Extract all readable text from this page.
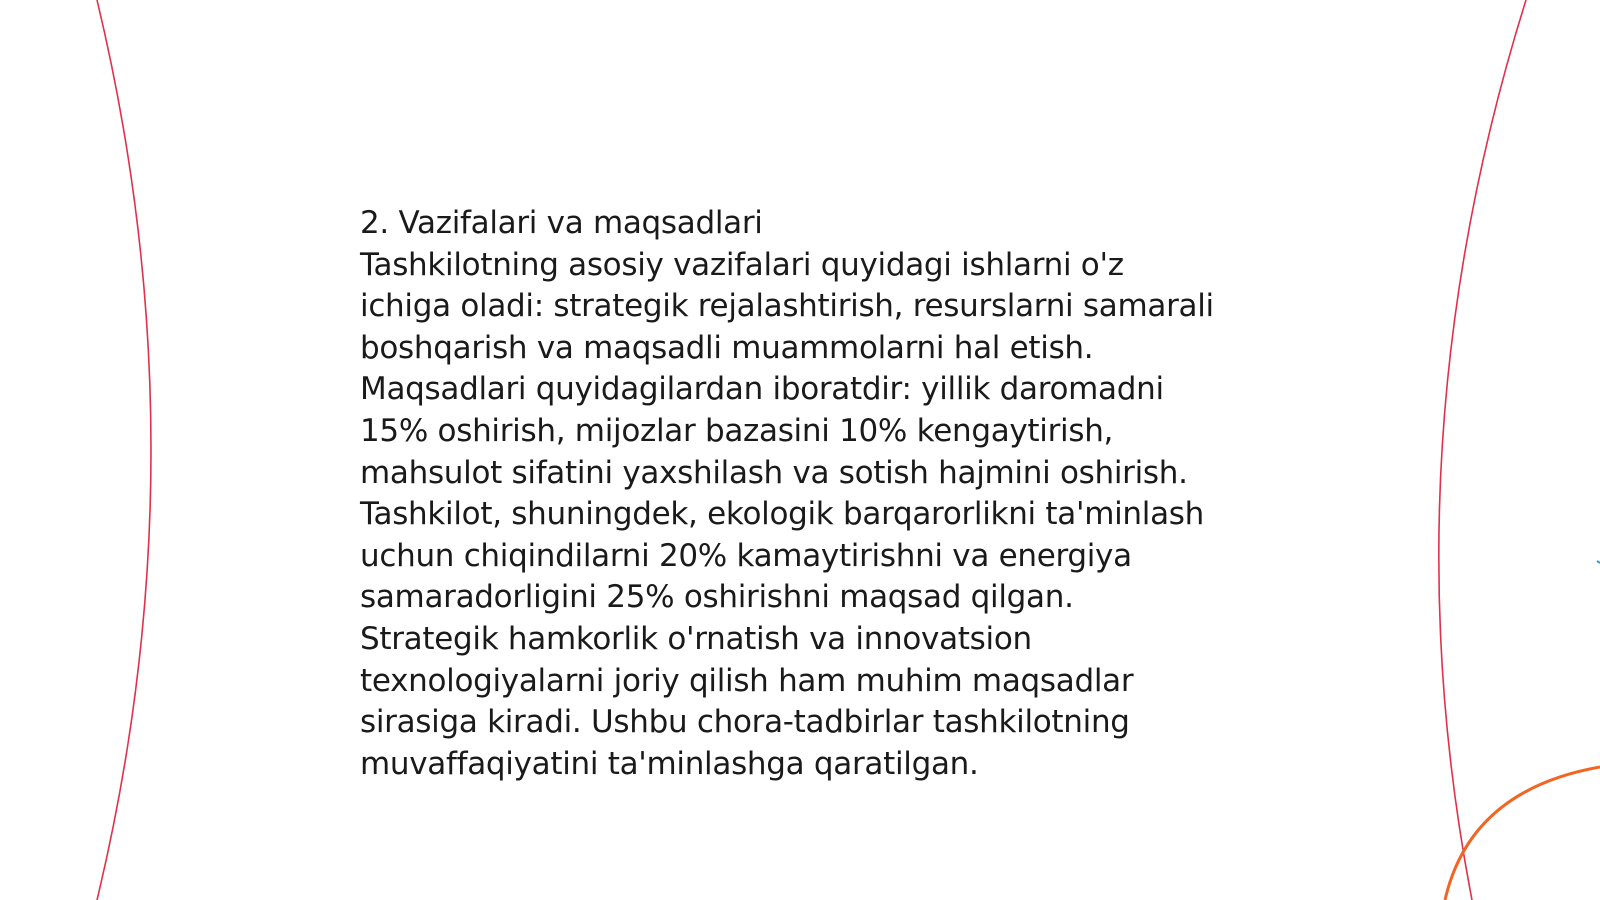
2. Vazifalari va maqsadlari
Tashkilotning asosiy vazifalari quyidagi ishlarni o'z ichiga oladi: strategik rejalashtirish, resurslarni samarali boshqarish va maqsadli muammolarni hal etish. Maqsadlari quyidagilardan iboratdir: yillik daromadni 15% oshirish, mijozlar bazasini 10% kengaytirish, mahsulot sifatini yaxshilash va sotish hajmini oshirish. Tashkilot, shuningdek, ekologik barqarorlikni ta'minlash uchun chiqindilarni 20% kamaytirishni va energiya samaradorligini 25% oshirishni maqsad qilgan. Strategik hamkorlik o'rnatish va innovatsion texnologiyalarni joriy qilish ham muhim maqsadlar sirasiga kiradi. Ushbu chora-tadbirlar tashkilotning muvaffaqiyatini ta'minlashga qaratilgan.
